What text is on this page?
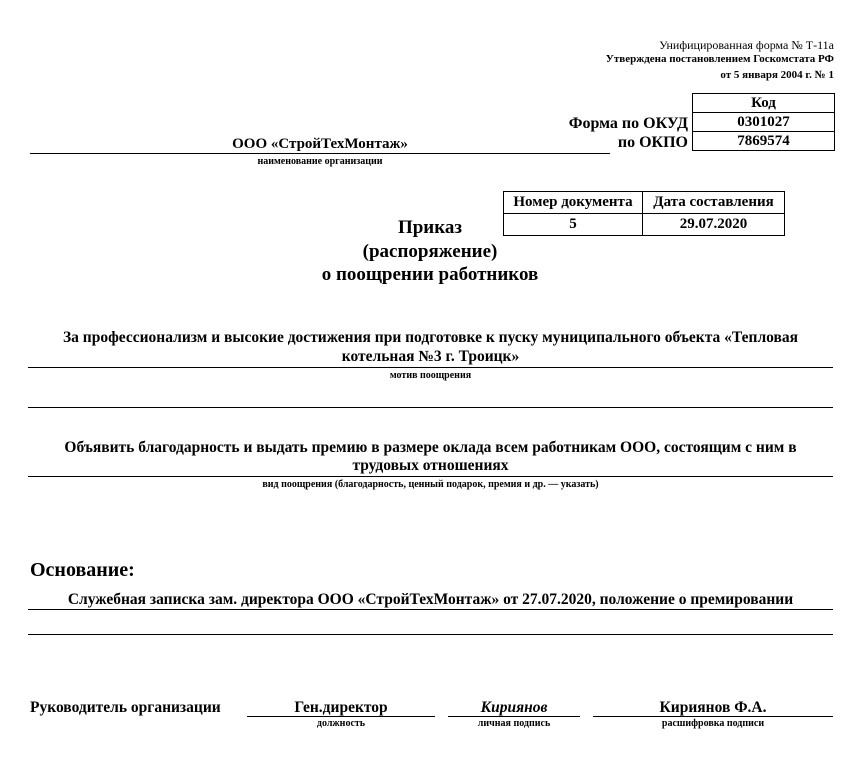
Унифицированная форма № Т-11а
Утверждена постановлением Госкомстата РФ
от 5 января 2004 г. № 1
Форма по ОКУД
по ОКПО
Код
0301027
7869574
ООО «СтройТехМонтаж»
наименование организации
Номер документа	Дата составления
5	29.07.2020
Приказ
(распоряжение)
о поощрении работников
За профессионализм и высокие достижения при подготовке к пуску муниципального объекта «Тепловая
котельная №3 г. Троицк»
мотив поощрения
Объявить благодарность и выдать премию в размере оклада всем работникам ООО, состоящим с ним в
трудовых отношениях
вид поощрения (благодарность, ценный подарок, премия и др. — указать)
Основание:
Служебная записка зам. директора ООО «СтройТехМонтаж» от 27.07.2020, положение о премировании
Руководитель организации	Ген.директор
должность
Кириянов
личная подпись
Кириянов Ф.А.
расшифровка подписи
